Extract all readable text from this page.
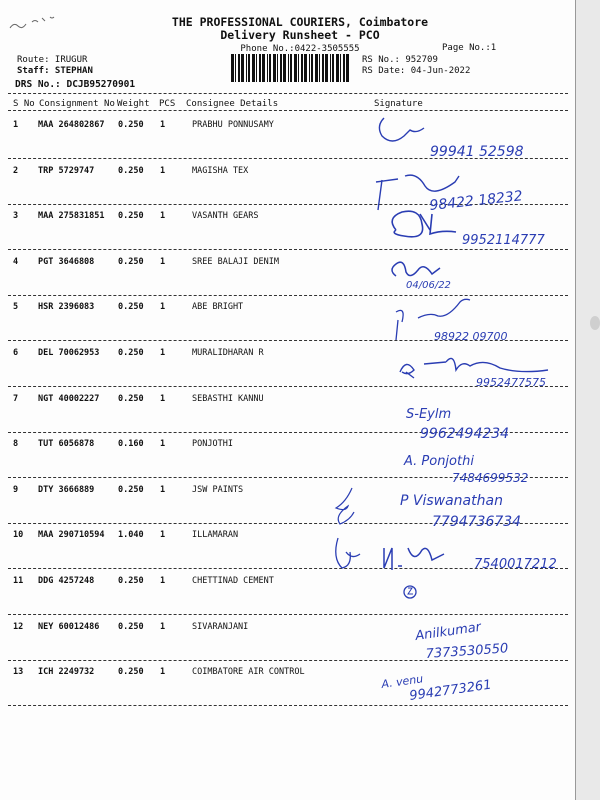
THE PROFESSIONAL COURIERS, Coimbatore
Delivery Runsheet - PCO
Phone No.:0422-3505555	Page No.:1
Route: IRUGUR
Staff: STEPHAN
DRS No.: DCJB95270901
RS No.: 952709
RS Date: 04-Jun-2022
S No Consignment No Weight PCS Consignee Details	Signature
1 MAA 264802867 0.250 1	PRABHU PONNUSAMY
2 TRP 5729747	0.250 1	MAGISHA TEX
3 MAA 275831851 0.250 1	VASANTH GEARS
4 PGT 3646808	0.250 1	SREE BALAJI DENIM
5 HSR 2396083	0.250 1	ABE BRIGHT
6 DEL 70062953 0.250 1	MURALIDHARAN R
7 NGT 40002227 0.250 1	SEBASTHI KANNU
8 TUT 6056878	0.160 1	PONJOTHI
9 DTY 3666889	0.250 1	JSW PAINTS
10 MAA 290710594 1.040 1	ILLAMARAN
11 DDG 4257248	0.250 1	CHETTINAD CEMENT
12 NEY 60012486 0.250 1	SIVARANJANI
13 ICH 2249732	0.250 1	COIMBATORE AIR CONTROL
99941 52598
98422 18232
9952114777
04/06/22
98922 09700
9952477575
S-Eylm
9962494234
A. Ponjothi
7484699532
P Viswanathan
7794736734
7540017212
Anilkumar
7373530550
A. venu
9942773261
